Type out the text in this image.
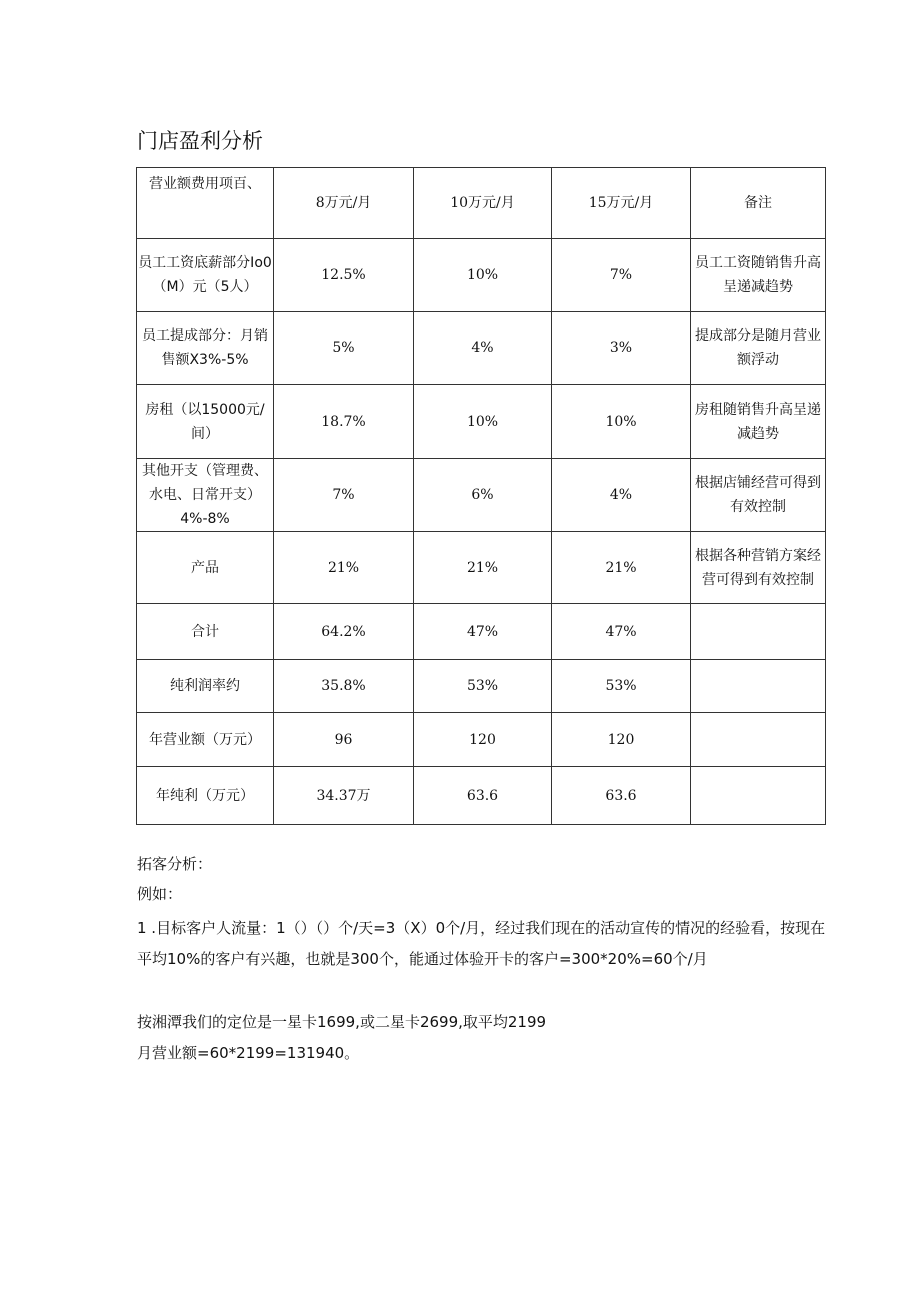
门店盈利分析
营业额费用项百、	8万元/月	10万元/月	15万元/月	备注
员工工资底薪部分Io0（M）元（5人）	12.5%	10%	7%	员工工资随销售升高呈递减趋势
员工提成部分：月销售额X3%-5%	5%	4%	3%	提成部分是随月营业额浮动
房租（以15000元/间）	18.7%	10%	10%	房租随销售升高呈递减趋势
其他开支（管理费、水电、日常开支）4%-8%	7%	6%	4%	根据店铺经营可得到有效控制
产品	21%	21%	21%	根据各种营销方案经营可得到有效控制
合计	64.2%	47%	47%	
纯利润率约	35.8%	53%	53%	
年营业额（万元）	96	120	120	
年纯利（万元）	34.37万	63.6	63.6	
拓客分析：
例如：
1 .目标客户人流量：1（）（）个/天=3（X）0个/月，经过我们现在的活动宣传的情况的经验看，按现在平均10%的客户有兴趣，也就是300个，能通过体验开卡的客户=300*20%=60个/月
按湘潭我们的定位是一星卡1699,或二星卡2699,取平均2199
月营业额=60*2199=131940。
